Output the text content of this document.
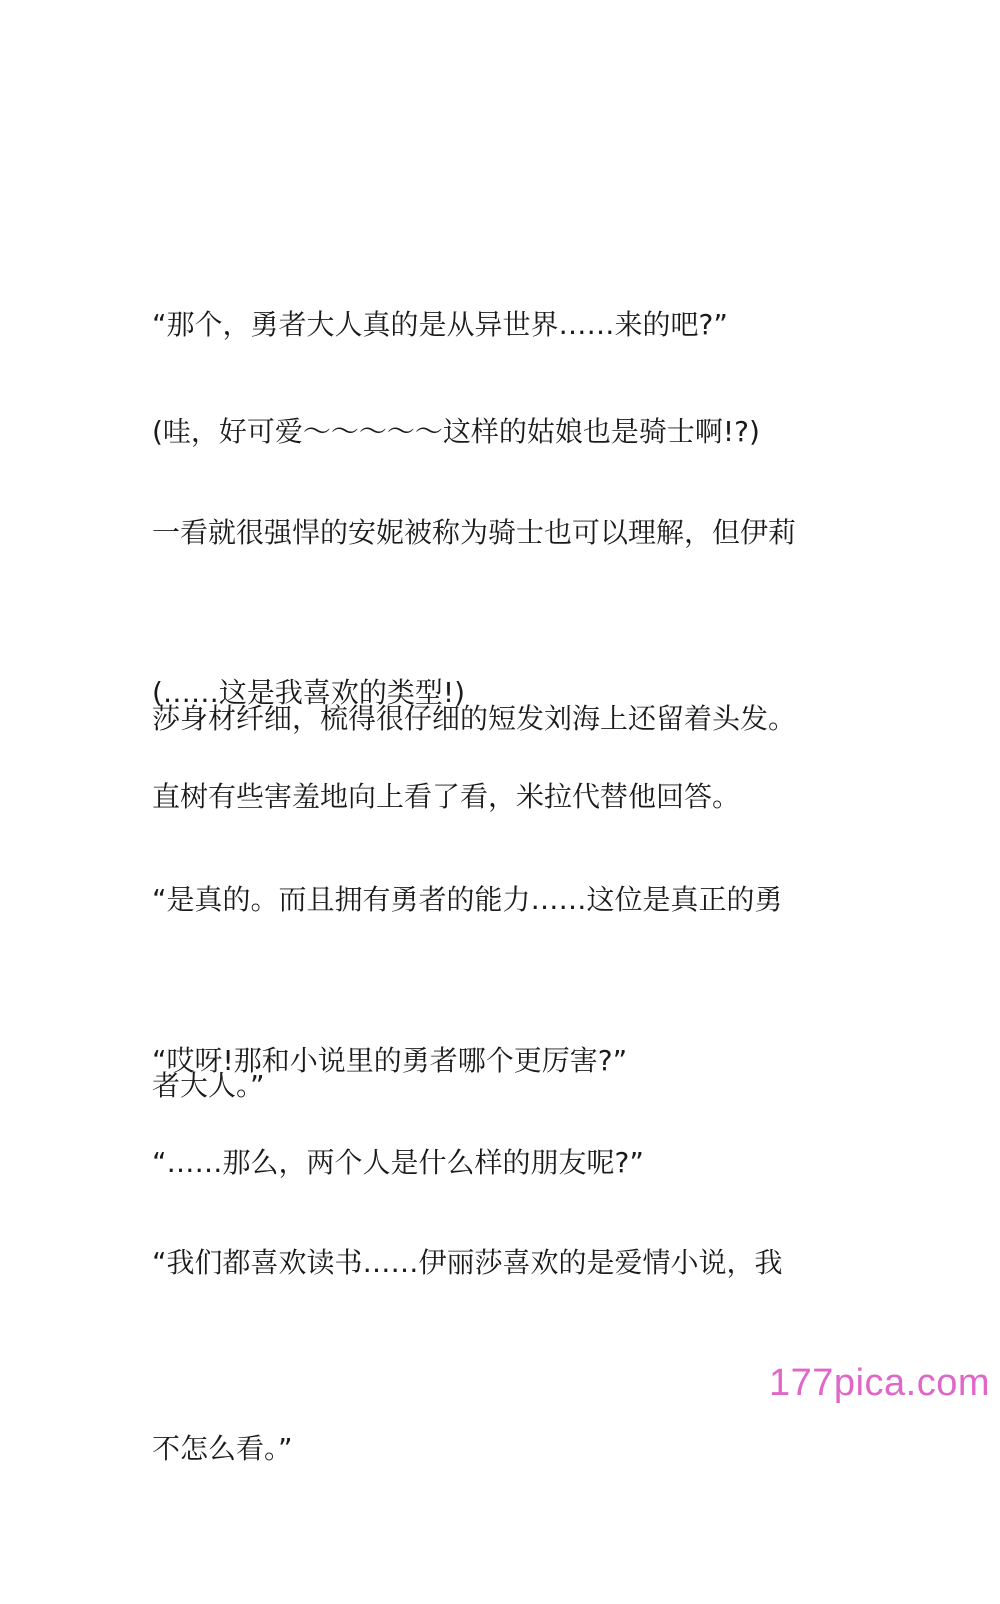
“那个，勇者大人真的是从异世界……来的吧?”

(哇，好可爱～～～～～这样的姑娘也是骑士啊!?)

一看就很强悍的安妮被称为骑士也可以理解，但伊莉

莎身材纤细，梳得很仔细的短发刘海上还留着头发。

(……这是我喜欢的类型!)

直树有些害羞地向上看了看，米拉代替他回答。

“是真的。而且拥有勇者的能力……这位是真正的勇

者大人。”

“哎呀!那和小说里的勇者哪个更厉害?”

“……那么，两个人是什么样的朋友呢?”

“我们都喜欢读书……伊丽莎喜欢的是爱情小说，我

不怎么看。”

177pica.com
